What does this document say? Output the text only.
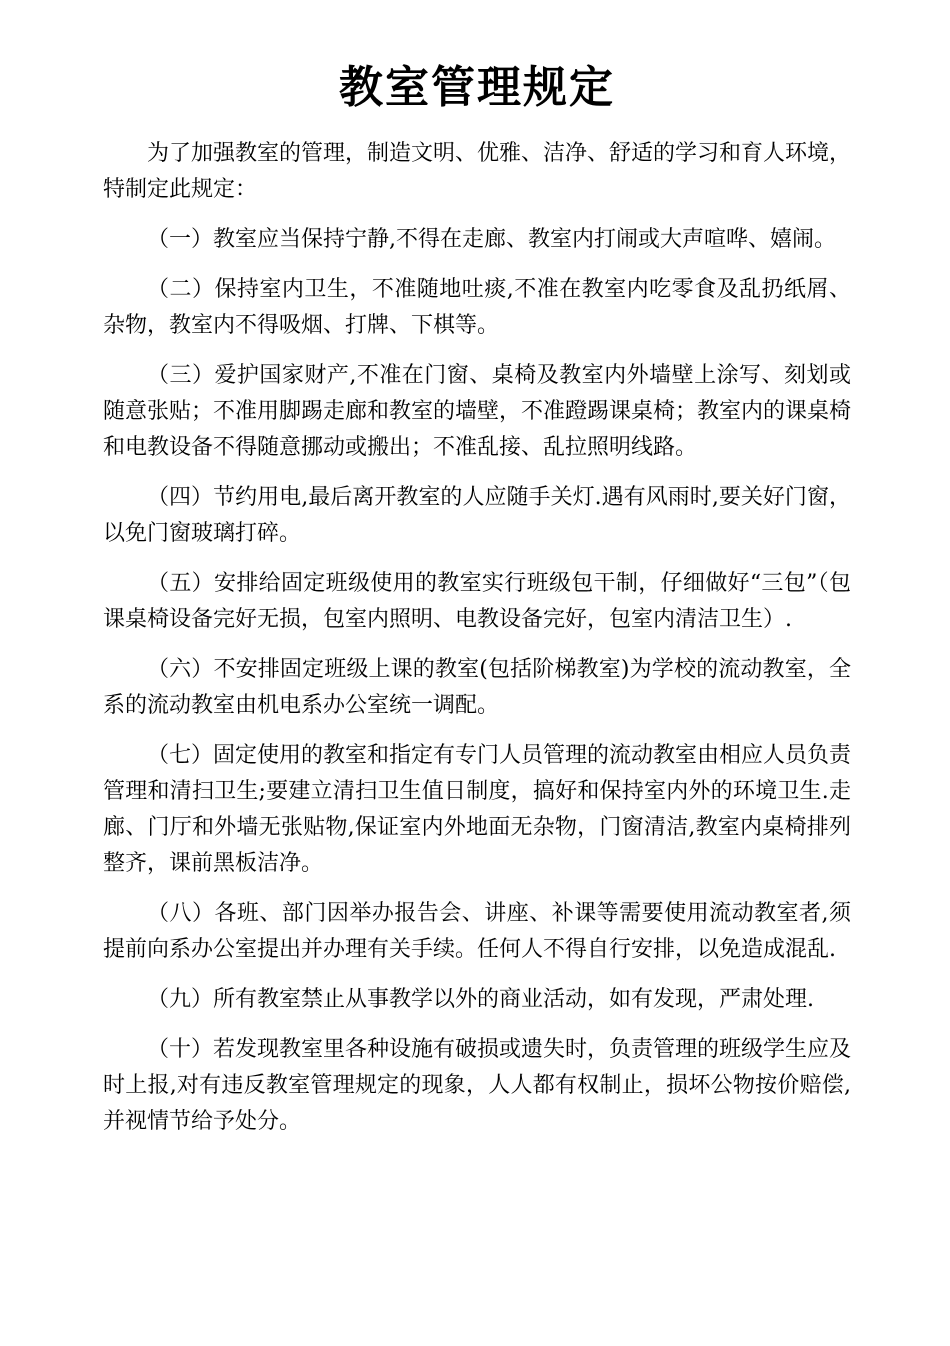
教室管理规定

为了加强教室的管理，制造文明、优雅、洁净、舒适的学习和育人环境，特制定此规定：

（一）教室应当保持宁静,不得在走廊、教室内打闹或大声喧哗、嬉闹。

（二）保持室内卫生，不准随地吐痰,不准在教室内吃零食及乱扔纸屑、杂物，教室内不得吸烟、打牌、下棋等。

（三）爱护国家财产,不准在门窗、桌椅及教室内外墙壁上涂写、刻划或随意张贴；不准用脚踢走廊和教室的墙壁，不准蹬踢课桌椅；教室内的课桌椅和电教设备不得随意挪动或搬出；不准乱接、乱拉照明线路。

（四）节约用电,最后离开教室的人应随手关灯.遇有风雨时,要关好门窗，以免门窗玻璃打碎。

（五）安排给固定班级使用的教室实行班级包干制，仔细做好“三包”（包课桌椅设备完好无损，包室内照明、电教设备完好，包室内清洁卫生）.

（六）不安排固定班级上课的教室(包括阶梯教室)为学校的流动教室，全系的流动教室由机电系办公室统一调配。

（七）固定使用的教室和指定有专门人员管理的流动教室由相应人员负责管理和清扫卫生;要建立清扫卫生值日制度，搞好和保持室内外的环境卫生.走廊、门厅和外墙无张贴物,保证室内外地面无杂物，门窗清洁,教室内桌椅排列整齐，课前黑板洁净。

（八）各班、部门因举办报告会、讲座、补课等需要使用流动教室者,须提前向系办公室提出并办理有关手续。任何人不得自行安排，以免造成混乱.

（九）所有教室禁止从事教学以外的商业活动，如有发现，严肃处理.

（十）若发现教室里各种设施有破损或遗失时，负责管理的班级学生应及时上报,对有违反教室管理规定的现象，人人都有权制止，损坏公物按价赔偿,并视情节给予处分。
